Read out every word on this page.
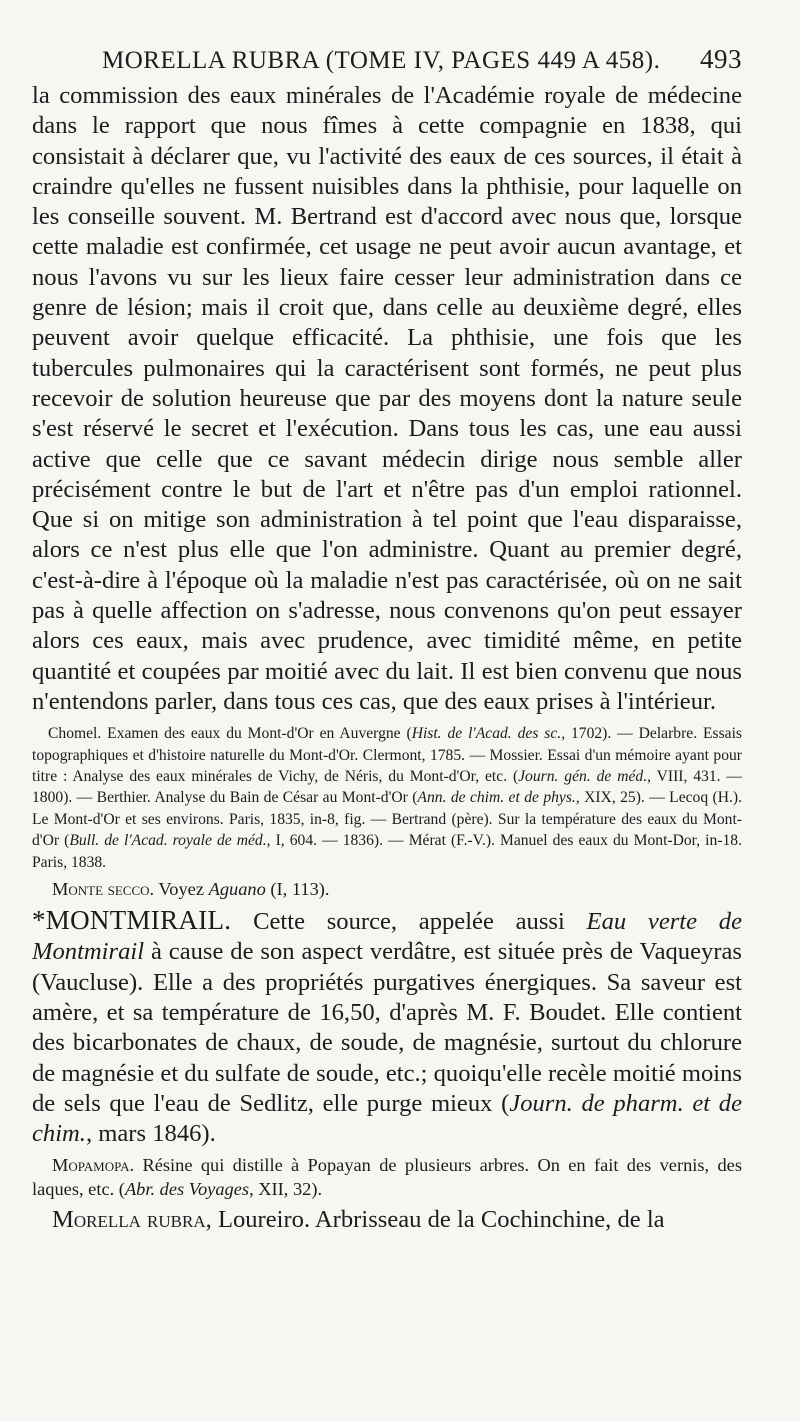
MORELLA RUBRA (TOME IV, PAGES 449 A 458). 493

la commission des eaux minérales de l'Académie royale de médecine dans le rapport que nous fîmes à cette compagnie en 1838, qui consistait à déclarer que, vu l'activité des eaux de ces sources, il était à craindre qu'elles ne fussent nuisibles dans la phthisie, pour laquelle on les conseille souvent. M. Bertrand est d'accord avec nous que, lorsque cette maladie est confirmée, cet usage ne peut avoir aucun avantage, et nous l'avons vu sur les lieux faire cesser leur administration dans ce genre de lésion; mais il croit que, dans celle au deuxième degré, elles peuvent avoir quelque efficacité. La phthisie, une fois que les tubercules pulmonaires qui la caractérisent sont formés, ne peut plus recevoir de solution heureuse que par des moyens dont la nature seule s'est réservé le secret et l'exécution. Dans tous les cas, une eau aussi active que celle que ce savant médecin dirige nous semble aller précisément contre le but de l'art et n'être pas d'un emploi rationnel. Que si on mitige son administration à tel point que l'eau disparaisse, alors ce n'est plus elle que l'on administre. Quant au premier degré, c'est-à-dire à l'époque où la maladie n'est pas caractérisée, où on ne sait pas à quelle affection on s'adresse, nous convenons qu'on peut essayer alors ces eaux, mais avec prudence, avec timidité même, en petite quantité et coupées par moitié avec du lait. Il est bien convenu que nous n'entendons parler, dans tous ces cas, que des eaux prises à l'intérieur.

Chomel. Examen des eaux du Mont-d'Or en Auvergne (Hist. de l'Acad. des sc., 1702). — Delarbre. Essais topographiques et d'histoire naturelle du Mont-d'Or. Clermont, 1785. — Mossier. Essai d'un mémoire ayant pour titre : Analyse des eaux minérales de Vichy, de Néris, du Mont-d'Or, etc. (Journ. gén. de méd., VIII, 431. — 1800). — Berthier. Analyse du Bain de César au Mont-d'Or (Ann. de chim. et de phys., XIX, 25). — Lecoq (H.). Le Mont-d'Or et ses environs. Paris, 1835, in-8, fig. — Bertrand (père). Sur la température des eaux du Mont-d'Or (Bull. de l'Acad. royale de méd., I, 604. — 1836). — Mérat (F.-V.). Manuel des eaux du Mont-Dor, in-18. Paris, 1838.

Monte secco. Voyez Aguano (I, 113).

*MONTMIRAIL. Cette source, appelée aussi Eau verte de Montmirail à cause de son aspect verdâtre, est située près de Vaqueyras (Vaucluse). Elle a des propriétés purgatives énergiques. Sa saveur est amère, et sa température de 16,50, d'après M. F. Boudet. Elle contient des bicarbonates de chaux, de soude, de magnésie, surtout du chlorure de magnésie et du sulfate de soude, etc.; quoiqu'elle recèle moitié moins de sels que l'eau de Sedlitz, elle purge mieux (Journ. de pharm. et de chim., mars 1846).

Mopamopa. Résine qui distille à Popayan de plusieurs arbres. On en fait des vernis, des laques, etc. (Abr. des Voyages, XII, 32).

Morella rubra, Loureiro. Arbrisseau de la Cochinchine, de la
